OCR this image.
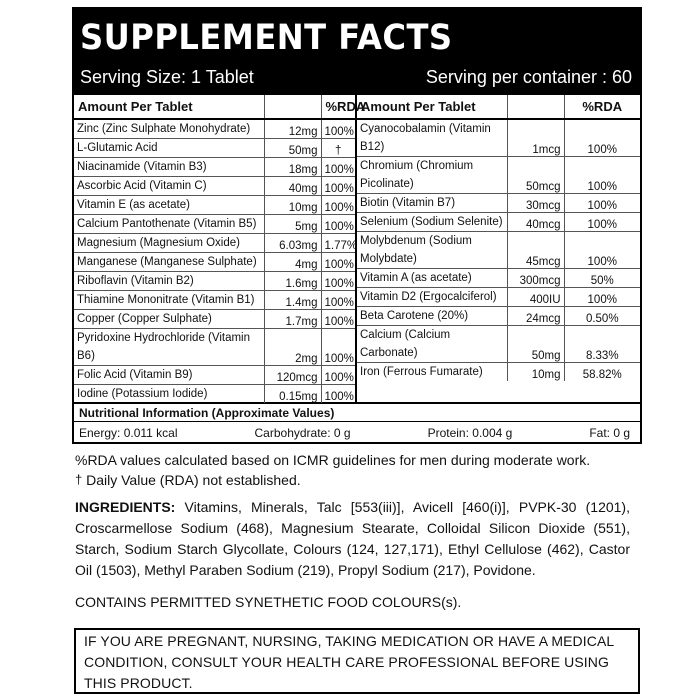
SUPPLEMENT FACTS
Serving Size: 1 Tablet	Serving per container : 60
Amount Per Tablet		%RDA
Zinc (Zinc Sulphate Monohydrate)	12mg	100%
L-Glutamic Acid	50mg	†
Niacinamide (Vitamin B3)	18mg	100%
Ascorbic Acid (Vitamin C)	40mg	100%
Vitamin E (as acetate)	10mg	100%
Calcium Pantothenate (Vitamin B5)	5mg	100%
Magnesium (Magnesium Oxide)	6.03mg	1.77%
Manganese (Manganese Sulphate)	4mg	100%
Riboflavin (Vitamin B2)	1.6mg	100%
Thiamine Mononitrate (Vitamin B1)	1.4mg	100%
Copper (Copper Sulphate)	1.7mg	100%
Pyridoxine Hydrochloride (Vitamin B6)	2mg	100%
Folic Acid (Vitamin B9)	120mcg	100%
Iodine (Potassium Iodide)	0.15mg	100%
Amount Per Tablet		%RDA
Cyanocobalamin (Vitamin B12)	1mcg	100%
Chromium (Chromium Picolinate)	50mcg	100%
Biotin (Vitamin B7)	30mcg	100%
Selenium (Sodium Selenite)	40mcg	100%
Molybdenum (Sodium Molybdate)	45mcg	100%
Vitamin A (as acetate)	300mcg	50%
Vitamin D2 (Ergocalciferol)	400IU	100%
Beta Carotene (20%)	24mcg	0.50%
Calcium (Calcium Carbonate)	50mg	8.33%
Iron (Ferrous Fumarate)	10mg	58.82%
Nutritional Information (Approximate Values)
Energy: 0.011 kcal	Carbohydrate: 0 g	Protein: 0.004 g	Fat: 0 g
%RDA values calculated based on ICMR guidelines for men during moderate work.
† Daily Value (RDA) not established.
INGREDIENTS: Vitamins, Minerals, Talc [553(iii)], Avicell [460(i)], PVPK-30 (1201), Croscarmellose Sodium (468), Magnesium Stearate, Colloidal Silicon Dioxide (551), Starch, Sodium Starch Glycollate, Colours (124, 127,171), Ethyl Cellulose (462), Castor Oil (1503), Methyl Paraben Sodium (219), Propyl Sodium (217), Povidone.
CONTAINS PERMITTED SYNETHETIC FOOD COLOURS(s).
IF YOU ARE PREGNANT, NURSING, TAKING MEDICATION OR HAVE A MEDICAL CONDITION, CONSULT YOUR HEALTH CARE PROFESSIONAL BEFORE USING THIS PRODUCT.
